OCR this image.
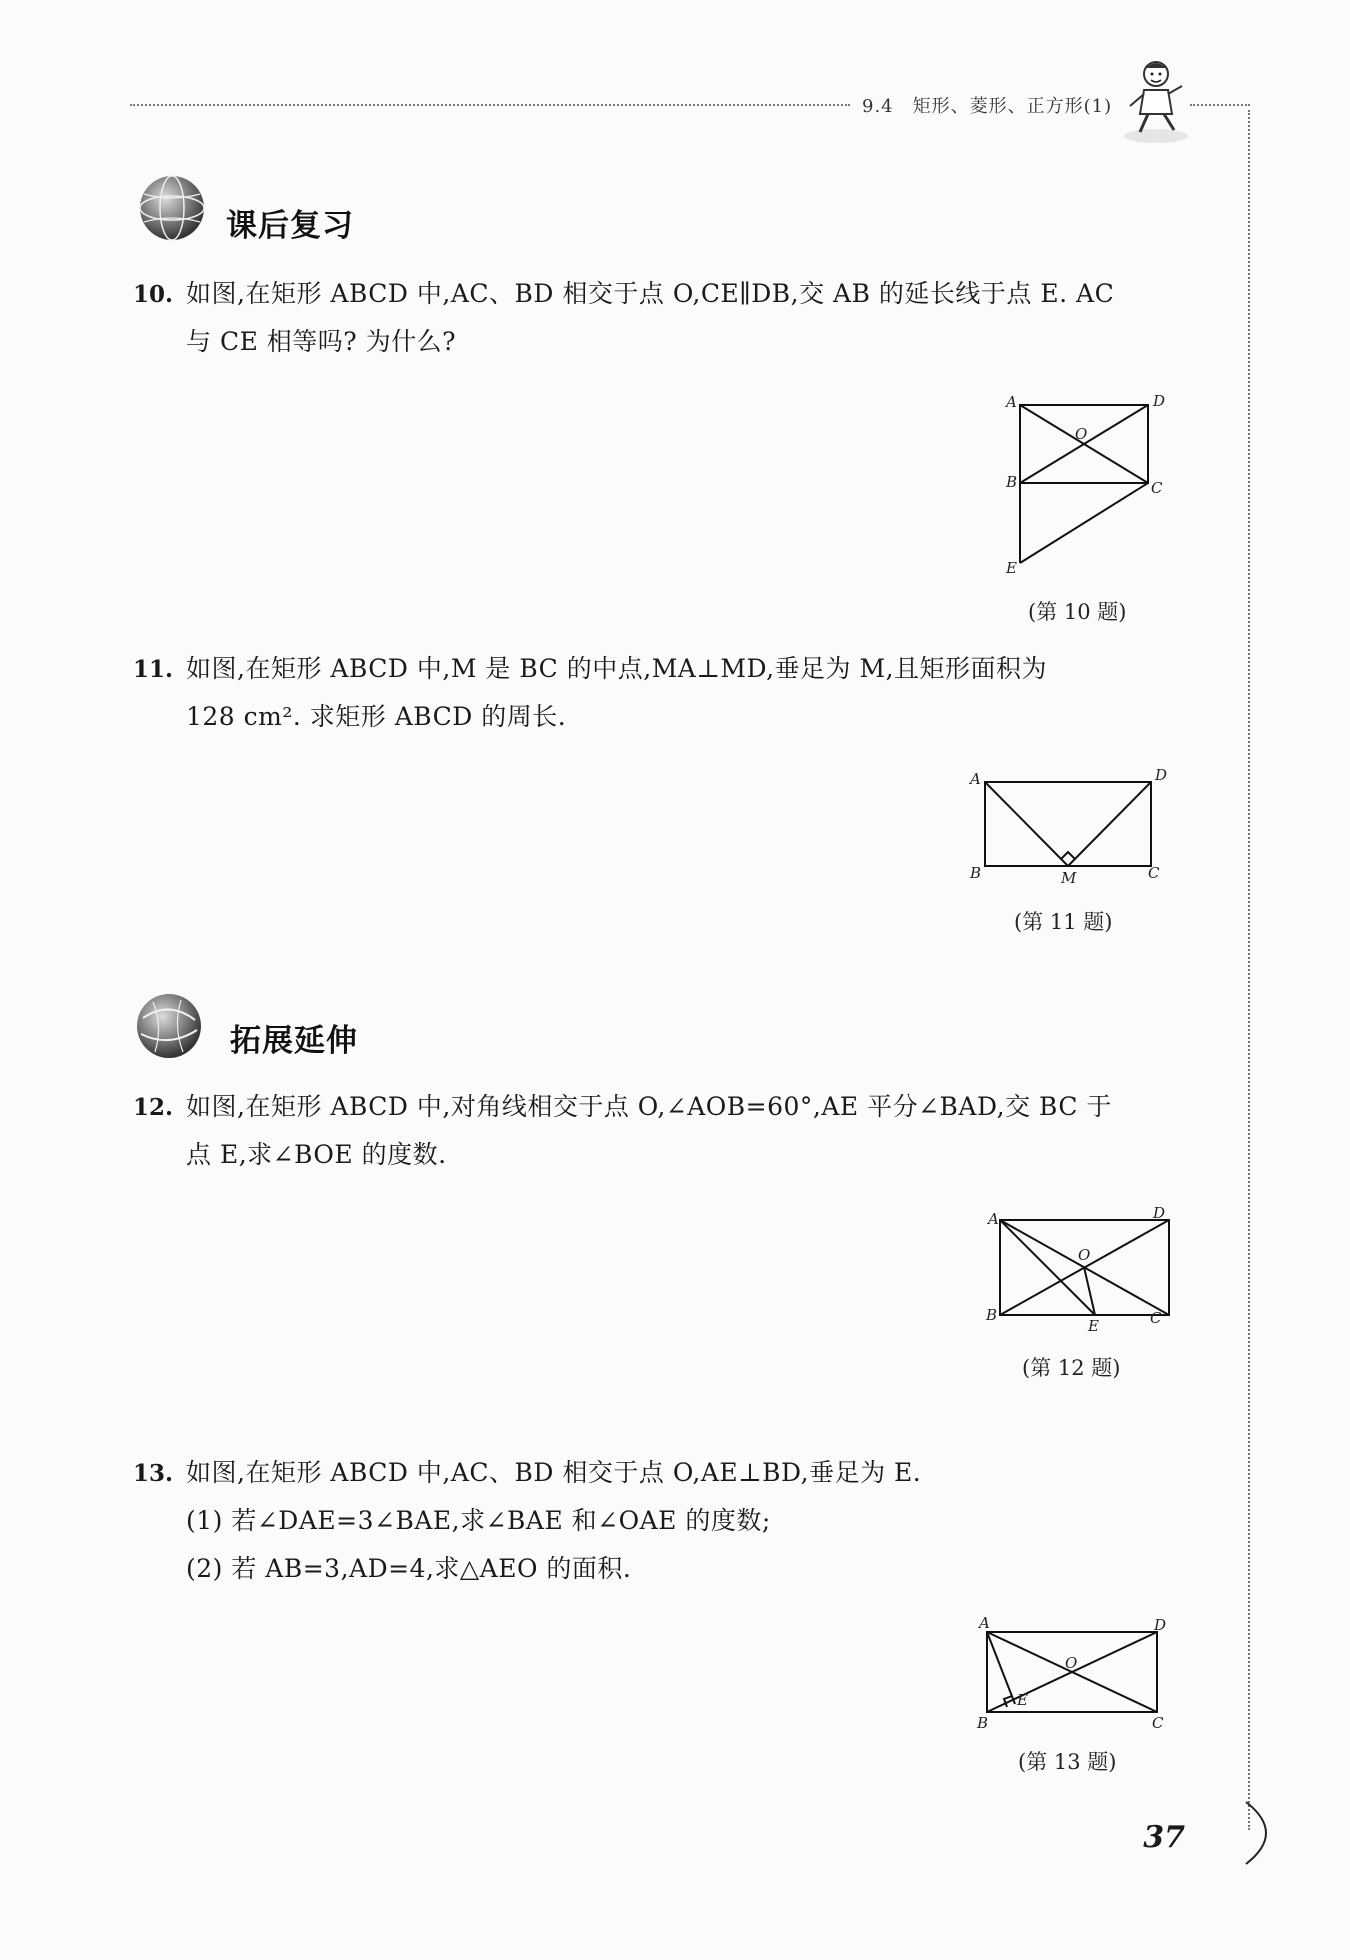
9.4　矩形、菱形、正方形(1)
课后复习
10. 如图,在矩形 ABCD 中,AC、BD 相交于点 O,CE∥DB,交 AB 的延长线于点 E. AC
与 CE 相等吗? 为什么?
A	D
O
B	C
E
(第 10 题)
11. 如图,在矩形 ABCD 中,M 是 BC 的中点,MA⊥MD,垂足为 M,且矩形面积为
128 cm². 求矩形 ABCD 的周长.
A	D
B	M	C
(第 11 题)
拓展延伸
12. 如图,在矩形 ABCD 中,对角线相交于点 O,∠AOB=60°,AE 平分∠BAD,交 BC 于
点 E,求∠BOE 的度数.
A	D
O
B
E	C
(第 12 题)
13. 如图,在矩形 ABCD 中,AC、BD 相交于点 O,AE⊥BD,垂足为 E.
(1) 若∠DAE=3∠BAE,求∠BAE 和∠OAE 的度数;
(2) 若 AB=3,AD=4,求△AEO 的面积.
A	D
O
E
B	C
(第 13 题)
37
